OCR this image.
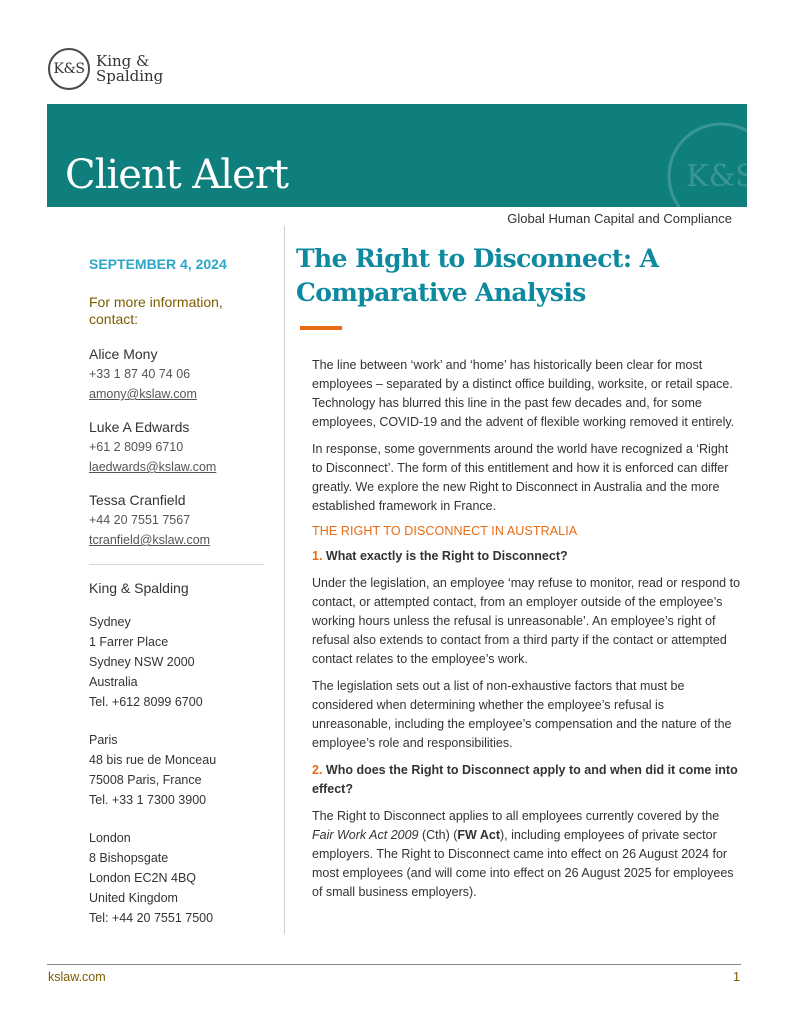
K&S King &
Spalding
Client Alert	K&S
Global Human Capital and Compliance
SEPTEMBER 4, 2024
For more information, contact:
Alice Mony
+33 1 87 40 74 06
amony@kslaw.com
Luke A Edwards
+61 2 8099 6710
laedwards@kslaw.com
Tessa Cranfield
+44 20 7551 7567
tcranfield@kslaw.com
King & Spalding
Sydney
1 Farrer Place
Sydney NSW 2000
Australia
Tel. +612 8099 6700
Paris
48 bis rue de Monceau
75008 Paris, France
Tel. +33 1 7300 3900
London
8 Bishopsgate
London EC2N 4BQ
United Kingdom
Tel: +44 20 7551 7500
The Right to Disconnect: A Comparative Analysis

The line between ‘work’ and ‘home’ has historically been clear for most employees – separated by a distinct office building, worksite, or retail space. Technology has blurred this line in the past few decades and, for some employees, COVID-19 and the advent of flexible working removed it entirely.

In response, some governments around the world have recognized a ‘Right to Disconnect’. The form of this entitlement and how it is enforced can differ greatly. We explore the new Right to Disconnect in Australia and the more established framework in France.

THE RIGHT TO DISCONNECT IN AUSTRALIA

1. What exactly is the Right to Disconnect?

Under the legislation, an employee ‘may refuse to monitor, read or respond to contact, or attempted contact, from an employer outside of the employee’s working hours unless the refusal is unreasonable’. An employee’s right of refusal also extends to contact from a third party if the contact or attempted contact relates to the employee’s work.

The legislation sets out a list of non-exhaustive factors that must be considered when determining whether the employee’s refusal is unreasonable, including the employee’s compensation and the nature of the employee’s role and responsibilities.

2. Who does the Right to Disconnect apply to and when did it come into effect?

The Right to Disconnect applies to all employees currently covered by the Fair Work Act 2009 (Cth) (FW Act), including employees of private sector employers. The Right to Disconnect came into effect on 26 August 2024 for most employees (and will come into effect on 26 August 2025 for employees of small business employers).

kslaw.com	1
